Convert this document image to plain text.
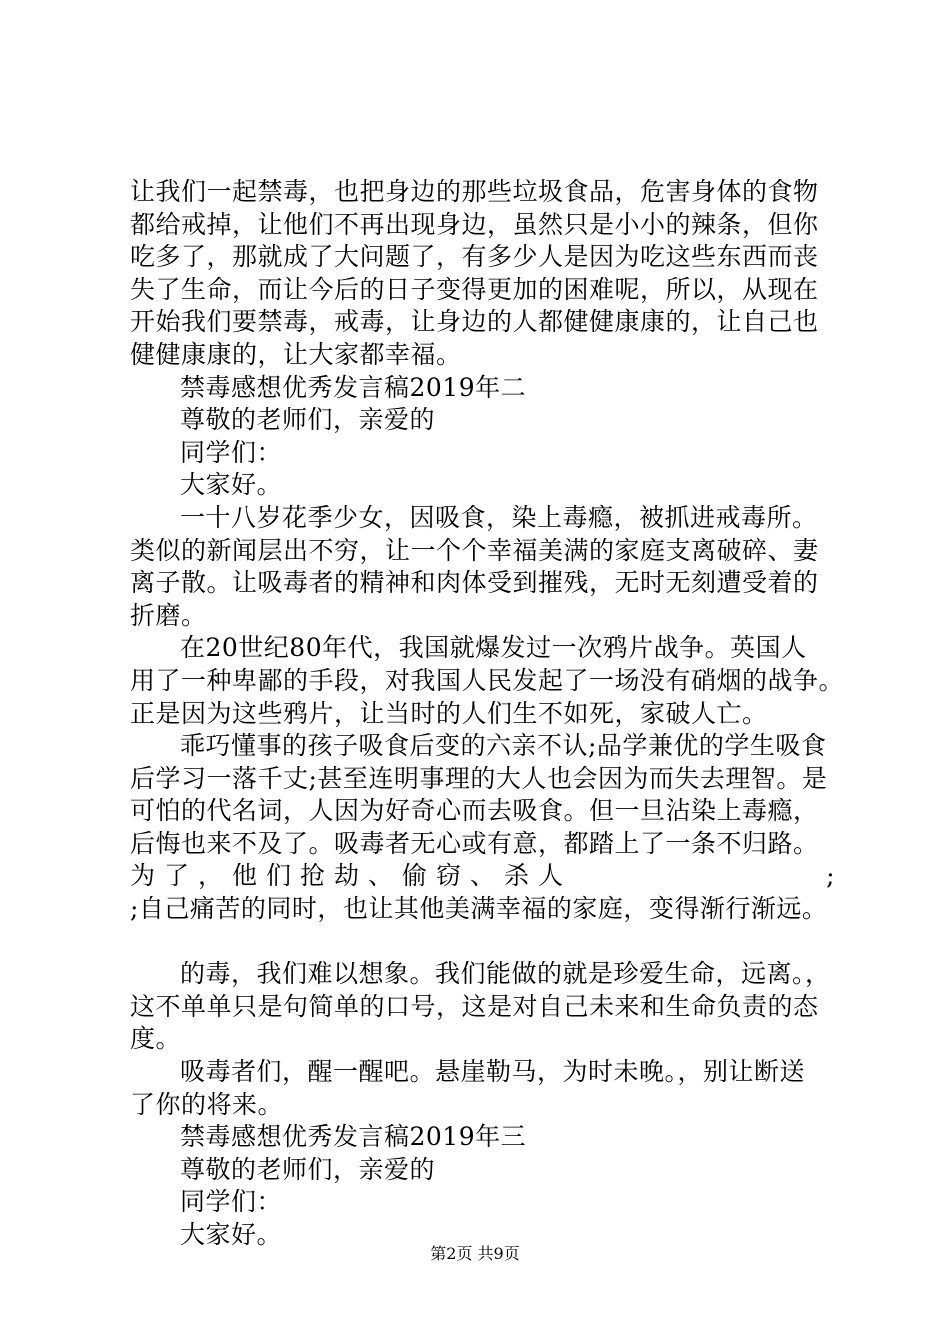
让我们一起禁毒，也把身边的那些垃圾食品，危害身体的食物
都给戒掉，让他们不再出现身边，虽然只是小小的辣条，但你
吃多了，那就成了大问题了，有多少人是因为吃这些东西而丧
失了生命，而让今后的日子变得更加的困难呢，所以，从现在
开始我们要禁毒，戒毒，让身边的人都健健康康的，让自己也
健健康康的，让大家都幸福。
禁毒感想优秀发言稿2019年二
尊敬的老师们，亲爱的
同学们：
大家好。
一十八岁花季少女，因吸食，染上毒瘾，被抓进戒毒所。
类似的新闻层出不穷，让一个个幸福美满的家庭支离破碎、妻
离子散。让吸毒者的精神和肉体受到摧残，无时无刻遭受着的
折磨。
在20世纪80年代，我国就爆发过一次鸦片战争。英国人
用了一种卑鄙的手段，对我国人民发起了一场没有硝烟的战争。
正是因为这些鸦片，让当时的人们生不如死，家破人亡。
乖巧懂事的孩子吸食后变的六亲不认;品学兼优的学生吸食
后学习一落千丈;甚至连明事理的大人也会因为而失去理智。是
可怕的代名词，人因为好奇心而去吸食。但一旦沾染上毒瘾，
后悔也来不及了。吸毒者无心或有意，都踏上了一条不归路。
为了，他们抢劫、偷窃、杀人	;
;自己痛苦的同时，也让其他美满幸福的家庭，变得渐行渐远。
的毒，我们难以想象。我们能做的就是珍爱生命，远离。，
这不单单只是句简单的口号，这是对自己未来和生命负责的态
度。
吸毒者们，醒一醒吧。悬崖勒马，为时未晚。，别让断送
了你的将来。
禁毒感想优秀发言稿2019年三
尊敬的老师们，亲爱的
同学们：
大家好。
第2页 共9页
